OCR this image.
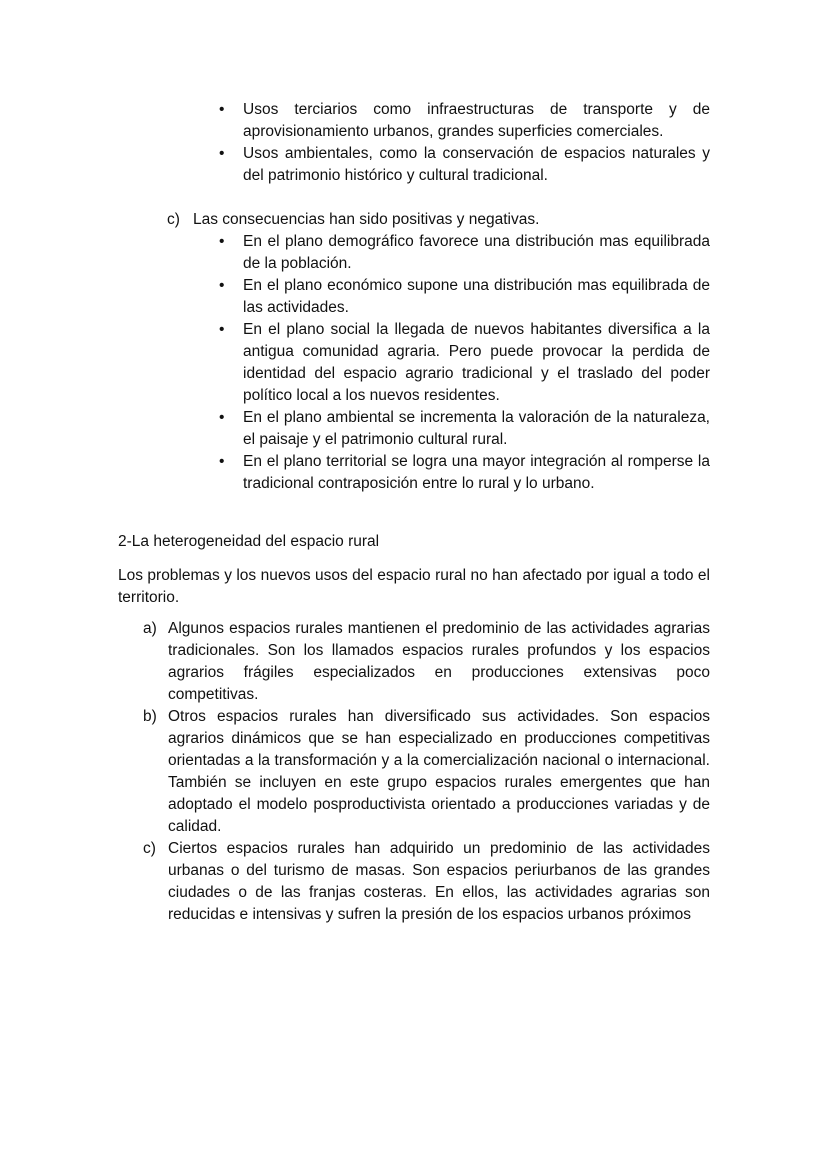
• Usos terciarios como infraestructuras de transporte y de aprovisionamiento urbanos, grandes superficies comerciales.
• Usos ambientales, como la conservación de espacios naturales y del patrimonio histórico y cultural tradicional.
c) Las consecuencias han sido positivas y negativas.
• En el plano demográfico favorece una distribución mas equilibrada de la población.
• En el plano económico supone una distribución mas equilibrada de las actividades.
• En el plano social la llegada de nuevos habitantes diversifica a la antigua comunidad agraria. Pero puede provocar la perdida de identidad del espacio agrario tradicional y el traslado del poder político local a los nuevos residentes.
• En el plano ambiental se incrementa la valoración de la naturaleza, el paisaje y el patrimonio cultural rural.
• En el plano territorial se logra una mayor integración al romperse la tradicional contraposición entre lo rural y lo urbano.
2-La heterogeneidad del espacio rural
Los problemas y los nuevos usos del espacio rural no han afectado por igual a todo el territorio.
a) Algunos espacios rurales mantienen el predominio de las actividades agrarias tradicionales. Son los llamados espacios rurales profundos y los espacios agrarios frágiles especializados en producciones extensivas poco competitivas.
b) Otros espacios rurales han diversificado sus actividades. Son espacios agrarios dinámicos que se han especializado en producciones competitivas orientadas a la transformación y a la comercialización nacional o internacional. También se incluyen en este grupo espacios rurales emergentes que han adoptado el modelo posproductivista orientado a producciones variadas y de calidad.
c) Ciertos espacios rurales han adquirido un predominio de las actividades urbanas o del turismo de masas. Son espacios periurbanos de las grandes ciudades o de las franjas costeras. En ellos, las actividades agrarias son reducidas e intensivas y sufren la presión de los espacios urbanos próximos
